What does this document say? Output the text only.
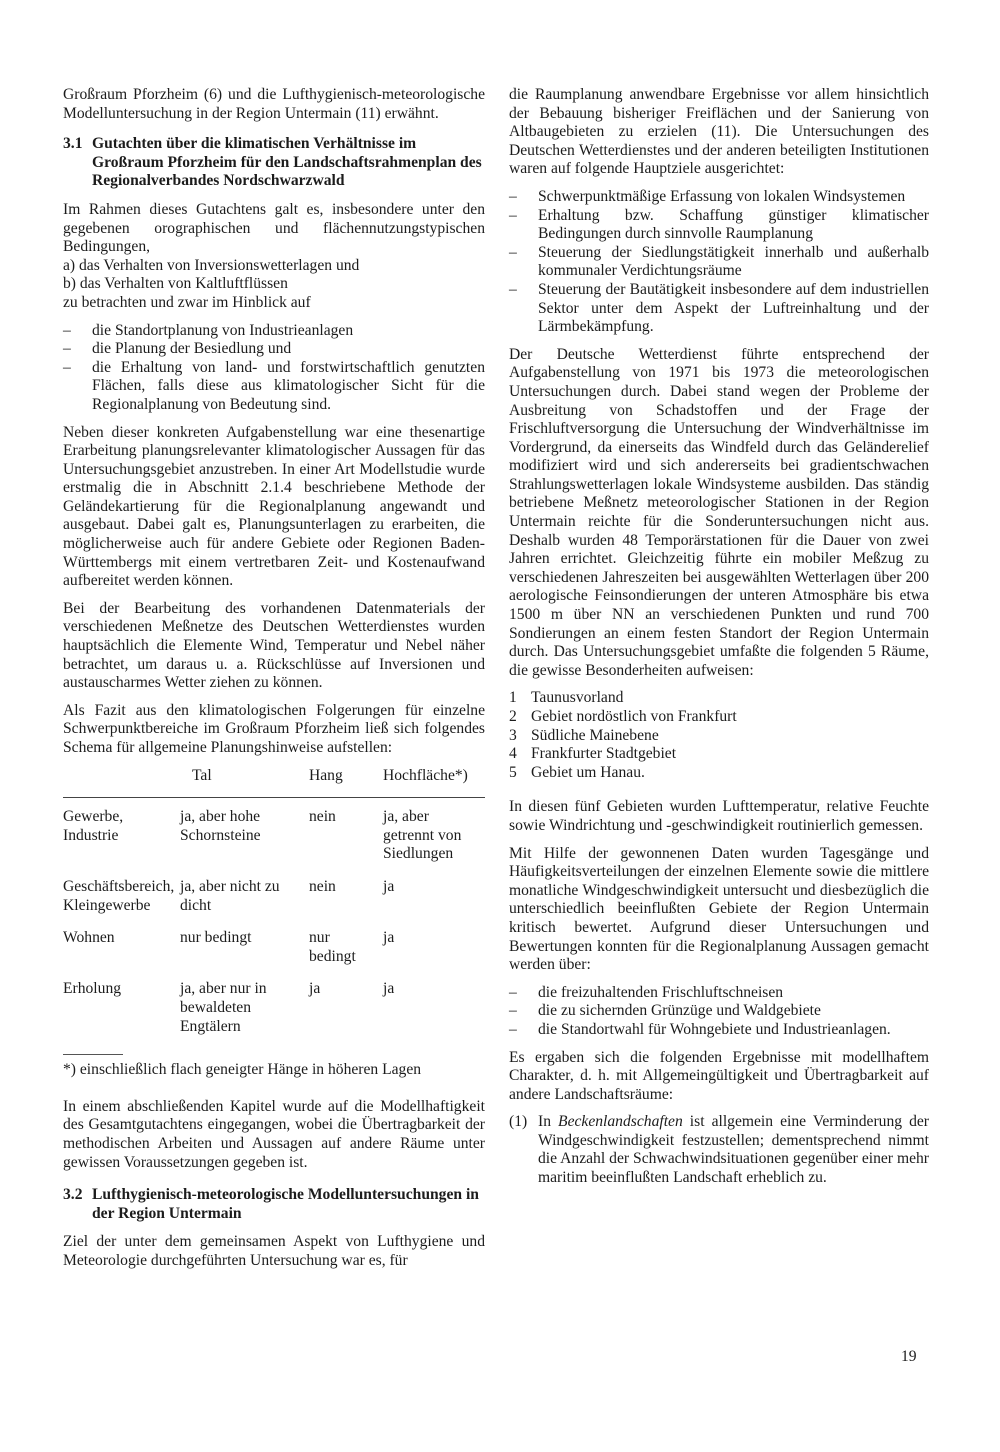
Großraum Pforzheim (6) und die Lufthygienisch-meteorologische Modelluntersuchung in der Region Untermain (11) erwähnt.

3.1 Gutachten über die klimatischen Verhältnisse im Großraum Pforzheim für den Landschaftsrahmenplan des Regionalverbandes Nordschwarzwald

Im Rahmen dieses Gutachtens galt es, insbesondere unter den gegebenen orographischen und flächennutzungstypischen Bedingungen,

a) das Verhalten von Inversionswetterlagen und
b) das Verhalten von Kaltluftflüssen
zu betrachten und zwar im Hinblick auf
–	die Standortplanung von Industrieanlagen
–	die Planung der Besiedlung und
–	die Erhaltung von land- und forstwirtschaftlich genutzten Flächen, falls diese aus klimatologischer Sicht für die Regionalplanung von Bedeutung sind.

Neben dieser konkreten Aufgabenstellung war eine thesenartige Erarbeitung planungsrelevanter klimatologischer Aussagen für das Untersuchungsgebiet anzustreben. In einer Art Modellstudie wurde erstmalig die in Abschnitt 2.1.4 beschriebene Methode der Geländekartierung für die Regionalplanung angewandt und ausgebaut. Dabei galt es, Planungsunterlagen zu erarbeiten, die möglicherweise auch für andere Gebiete oder Regionen Baden-Württembergs mit einem vertretbaren Zeit- und Kostenaufwand aufbereitet werden können.

Bei der Bearbeitung des vorhandenen Datenmaterials der verschiedenen Meßnetze des Deutschen Wetterdienstes wurden hauptsächlich die Elemente Wind, Temperatur und Nebel näher betrachtet, um daraus u. a. Rückschlüsse auf Inversionen und austauscharmes Wetter ziehen zu können.

Als Fazit aus den klimatologischen Folgerungen für einzelne Schwerpunktbereiche im Großraum Pforzheim ließ sich folgendes Schema für allgemeine Planungshinweise aufstellen:

	Tal	Hang	Hochfläche*)
Gewerbe, Industrie	ja, aber hohe Schornsteine	nein	ja, aber getrennt von Siedlungen
Geschäftsbereich, Kleingewerbe	ja, aber nicht zu dicht	nein	ja
Wohnen	nur bedingt	nur bedingt	ja
Erholung	ja, aber nur in bewaldeten Engtälern	ja	ja

*) einschließlich flach geneigter Hänge in höheren Lagen

In einem abschließenden Kapitel wurde auf die Modellhaftigkeit des Gesamtgutachtens eingegangen, wobei die Übertragbarkeit der methodischen Arbeiten und Aussagen auf andere Räume unter gewissen Voraussetzungen gegeben ist.

3.2 Lufthygienisch-meteorologische Modelluntersuchungen in der Region Untermain

Ziel der unter dem gemeinsamen Aspekt von Lufthygiene und Meteorologie durchgeführten Untersuchung war es, für

die Raumplanung anwendbare Ergebnisse vor allem hinsichtlich der Bebauung bisheriger Freiflächen und der Sanierung von Altbaugebieten zu erzielen (11). Die Untersuchungen des Deutschen Wetterdienstes und der anderen beteiligten Institutionen waren auf folgende Hauptziele ausgerichtet:

–	Schwerpunktmäßige Erfassung von lokalen Windsystemen
–	Erhaltung bzw. Schaffung günstiger klimatischer Bedingungen durch sinnvolle Raumplanung
–	Steuerung der Siedlungstätigkeit innerhalb und außerhalb kommunaler Verdichtungsräume
–	Steuerung der Bautätigkeit insbesondere auf dem industriellen Sektor unter dem Aspekt der Luftreinhaltung und der Lärmbekämpfung.

Der Deutsche Wetterdienst führte entsprechend der Aufgabenstellung von 1971 bis 1973 die meteorologischen Untersuchungen durch. Dabei stand wegen der Probleme der Ausbreitung von Schadstoffen und der Frage der Frischluftversorgung die Untersuchung der Windverhältnisse im Vordergrund, da einerseits das Windfeld durch das Geländerelief modifiziert wird und sich andererseits bei gradientschwachen Strahlungswetterlagen lokale Windsysteme ausbilden. Das ständig betriebene Meßnetz meteorologischer Stationen in der Region Untermain reichte für die Sonderuntersuchungen nicht aus. Deshalb wurden 48 Temporärstationen für die Dauer von zwei Jahren errichtet. Gleichzeitig führte ein mobiler Meßzug zu verschiedenen Jahreszeiten bei ausgewählten Wetterlagen über 200 aerologische Feinsondierungen der unteren Atmosphäre bis etwa 1500 m über NN an verschiedenen Punkten und rund 700 Sondierungen an einem festen Standort der Region Untermain durch. Das Untersuchungsgebiet umfaßte die folgenden 5 Räume, die gewisse Besonderheiten aufweisen:

1 Taunusvorland
2 Gebiet nordöstlich von Frankfurt
3 Südliche Mainebene
4 Frankfurter Stadtgebiet
5 Gebiet um Hanau.

In diesen fünf Gebieten wurden Lufttemperatur, relative Feuchte sowie Windrichtung und -geschwindigkeit routinierlich gemessen.

Mit Hilfe der gewonnenen Daten wurden Tagesgänge und Häufigkeitsverteilungen der einzelnen Elemente sowie die mittlere monatliche Windgeschwindigkeit untersucht und diesbezüglich die unterschiedlich beeinflußten Gebiete der Region Untermain kritisch bewertet. Aufgrund dieser Untersuchungen und Bewertungen konnten für die Regionalplanung Aussagen gemacht werden über:

–	die freizuhaltenden Frischluftschneisen
–	die zu sichernden Grünzüge und Waldgebiete
–	die Standortwahl für Wohngebiete und Industrieanlagen.

Es ergaben sich die folgenden Ergebnisse mit modellhaftem Charakter, d. h. mit Allgemeingültigkeit und Übertragbarkeit auf andere Landschaftsräume:

(1) In Beckenlandschaften ist allgemein eine Verminderung der Windgeschwindigkeit festzustellen; dementsprechend nimmt die Anzahl der Schwachwindsituationen gegenüber einer mehr maritim beeinflußten Landschaft erheblich zu.
19
